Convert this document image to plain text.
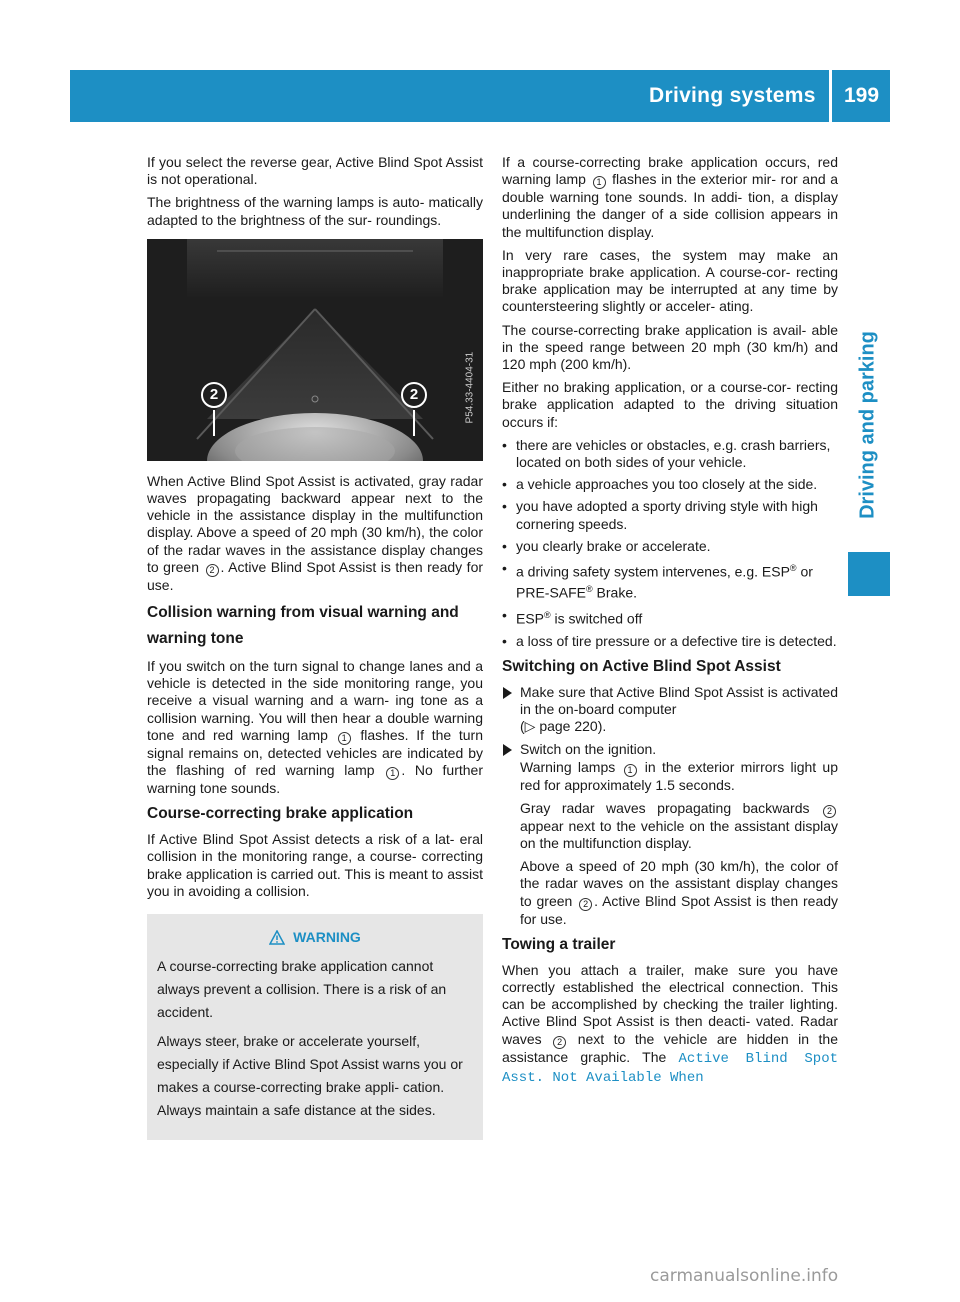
Driving systems 199
Driving and parking

If you select the reverse gear, Active Blind Spot Assist is not operational.

The brightness of the warning lamps is auto- matically adapted to the brightness of the sur- roundings.

2	2	P54.33-4404-31

When Active Blind Spot Assist is activated, gray radar waves propagating backward appear next to the vehicle in the assistance display in the multifunction display. Above a speed of 20 mph (30 km/h), the color of the radar waves in the assistance display changes to green 2 . Active Blind Spot Assist is then ready for use.

Collision warning from visual warning and warning tone

If you switch on the turn signal to change lanes and a vehicle is detected in the side monitoring range, you receive a visual warning and a warn- ing tone as a collision warning. You will then hear a double warning tone and red warning lamp 1 flashes. If the turn signal remains on, detected vehicles are indicated by the flashing of red warning lamp 1 . No further warning tone sounds.

Course-correcting brake application

If Active Blind Spot Assist detects a risk of a lat- eral collision in the monitoring range, a course- correcting brake application is carried out. This is meant to assist you in avoiding a collision.

WARNING

A course-correcting brake application cannot always prevent a collision. There is a risk of an accident.

Always steer, brake or accelerate yourself, especially if Active Blind Spot Assist warns you or makes a course-correcting brake appli- cation. Always maintain a safe distance at the sides.

If a course-correcting brake application occurs, red warning lamp 1 flashes in the exterior mir- ror and a double warning tone sounds. In addi- tion, a display underlining the danger of a side collision appears in the multifunction display.

In very rare cases, the system may make an inappropriate brake application. A course-cor- recting brake application may be interrupted at any time by countersteering slightly or acceler- ating.

The course-correcting brake application is avail- able in the speed range between 20 mph (30 km/h) and 120 mph (200 km/h).

Either no braking application, or a course-cor- recting brake application adapted to the driving situation occurs if:

• there are vehicles or obstacles, e.g. crash barriers, located on both sides of your vehicle.
• a vehicle approaches you too closely at the side.
• you have adopted a sporty driving style with high cornering speeds.
• you clearly brake or accelerate.
• a driving safety system intervenes, e.g. ESP® or PRE-SAFE® Brake.
• ESP® is switched off
• a loss of tire pressure or a defective tire is detected.
Switching on Active Blind Spot Assist

Make sure that Active Blind Spot Assist is activated in the on-board computer
(▷ page 220).

Switch on the ignition.
Warning lamps 1 in the exterior mirrors light up red for approximately 1.5 seconds.

Gray radar waves propagating backwards 2 appear next to the vehicle on the assistant display on the multifunction display.

Above a speed of 20 mph (30 km/h), the color of the radar waves on the assistant display changes to green 2 . Active Blind Spot Assist is then ready for use.

Towing a trailer

When you attach a trailer, make sure you have correctly established the electrical connection. This can be accomplished by checking the trailer lighting. Active Blind Spot Assist is then deacti- vated. Radar waves 2 next to the vehicle are hidden in the assistance graphic. The Active Blind Spot Asst. Not Available When

carmanualsonline.info
